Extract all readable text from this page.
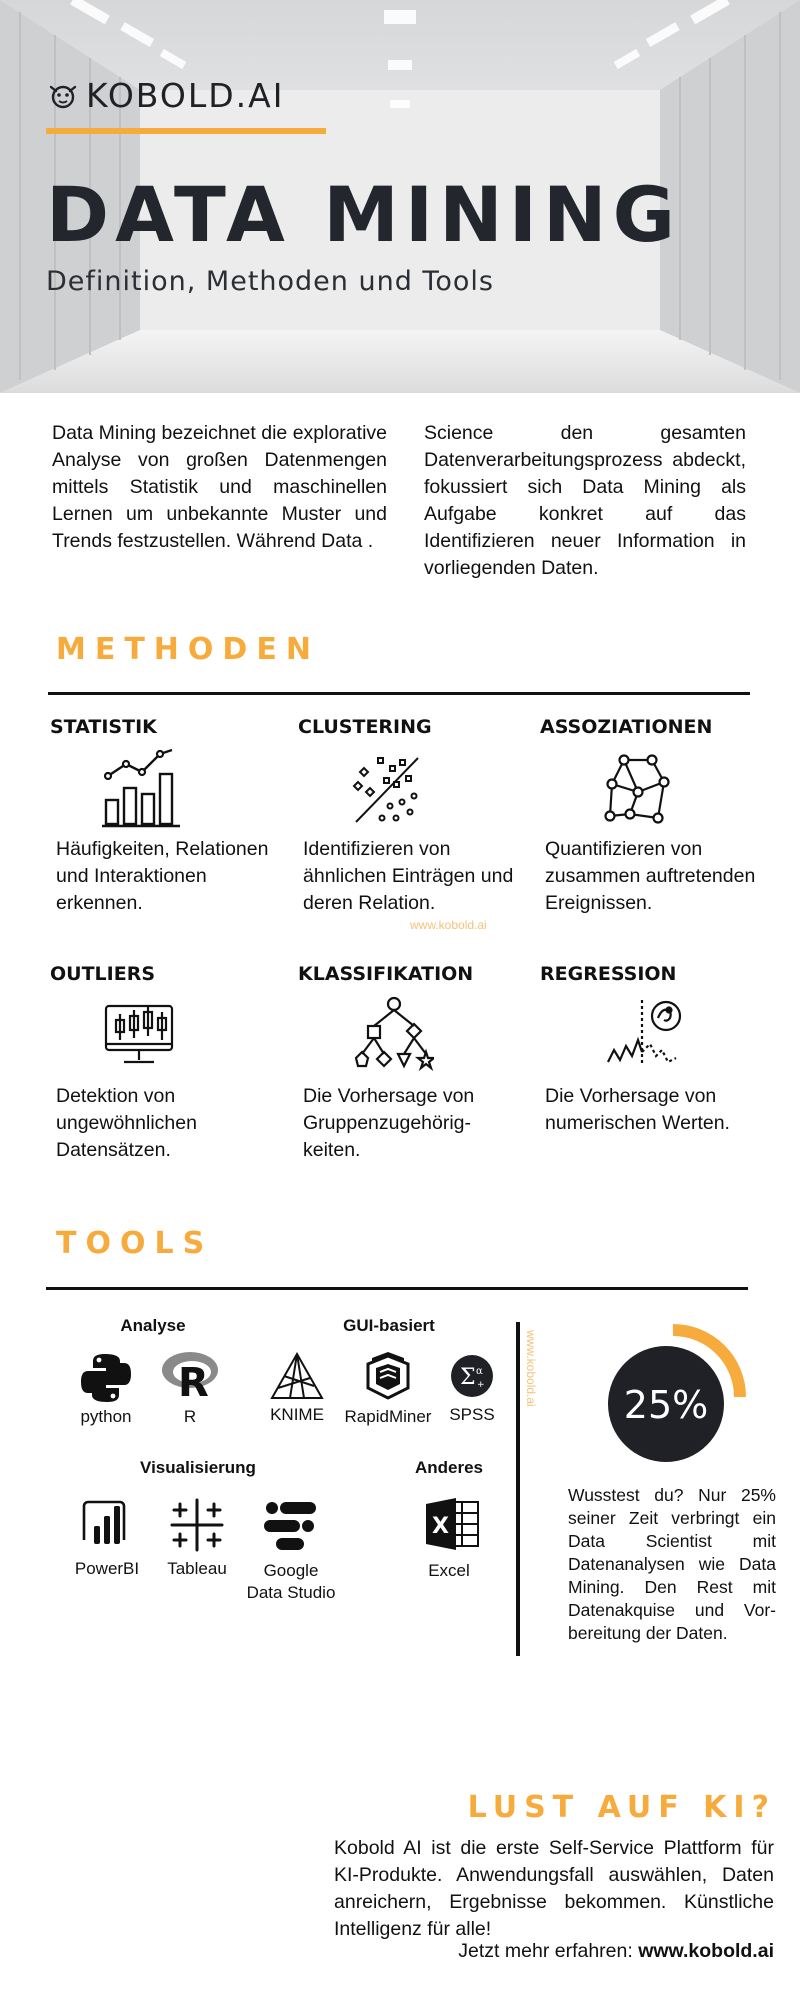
KOBOLD.AI
DATA MINING
Definition, Methoden und Tools

Data Mining bezeichnet die explorative Analyse von großen Datenmengen mittels Statistik und maschinellen Lernen um unbekannte Muster und Trends festzustellen. Während Data .

Science den gesamten Datenverarbeitungsprozess abdeckt, fokussiert sich Data Mining als Aufgabe konkret auf das Identifizieren neuer Information in vorliegenden Daten.

METHODEN
STATISTIK

Häufigkeiten, Relationen und Interaktionen erkennen.

CLUSTERING

Identifizieren von ähnlichen Einträgen und deren Relation.

www.kobold.ai
ASSOZIATIONEN

Quantifizieren von zusammen auftretenden Ereignissen.

OUTLIERS

Detektion von ungewöhnlichen Datensätzen.

KLASSIFIKATION

Die Vorhersage von Gruppenzugehörigkeiten.

REGRESSION

Die Vorhersage von numerischen Werten.

TOOLS
Analyse	GUI-basiert
python
R
R	KNIME	RapidMiner
Σ α
+
SPSS
Visualisierung	Anderes
PowerBI	Tableau	Google
Data Studio
X
Excel
www.kobold.ai 25%

Wusstest du? Nur 25% seiner Zeit verbringt ein Data Scientist mit Datenanalysen wie Data Mining. Den Rest mit Datenakquise und Vorbereitung der Daten.

LUST AUF KI?

Kobold AI ist die erste Self-Service Plattform für KI-Produkte. Anwendungsfall auswählen, Daten anreichern, Ergebnisse bekommen. Künstliche Intelligenz für alle!

Jetzt mehr erfahren: www.kobold.ai
